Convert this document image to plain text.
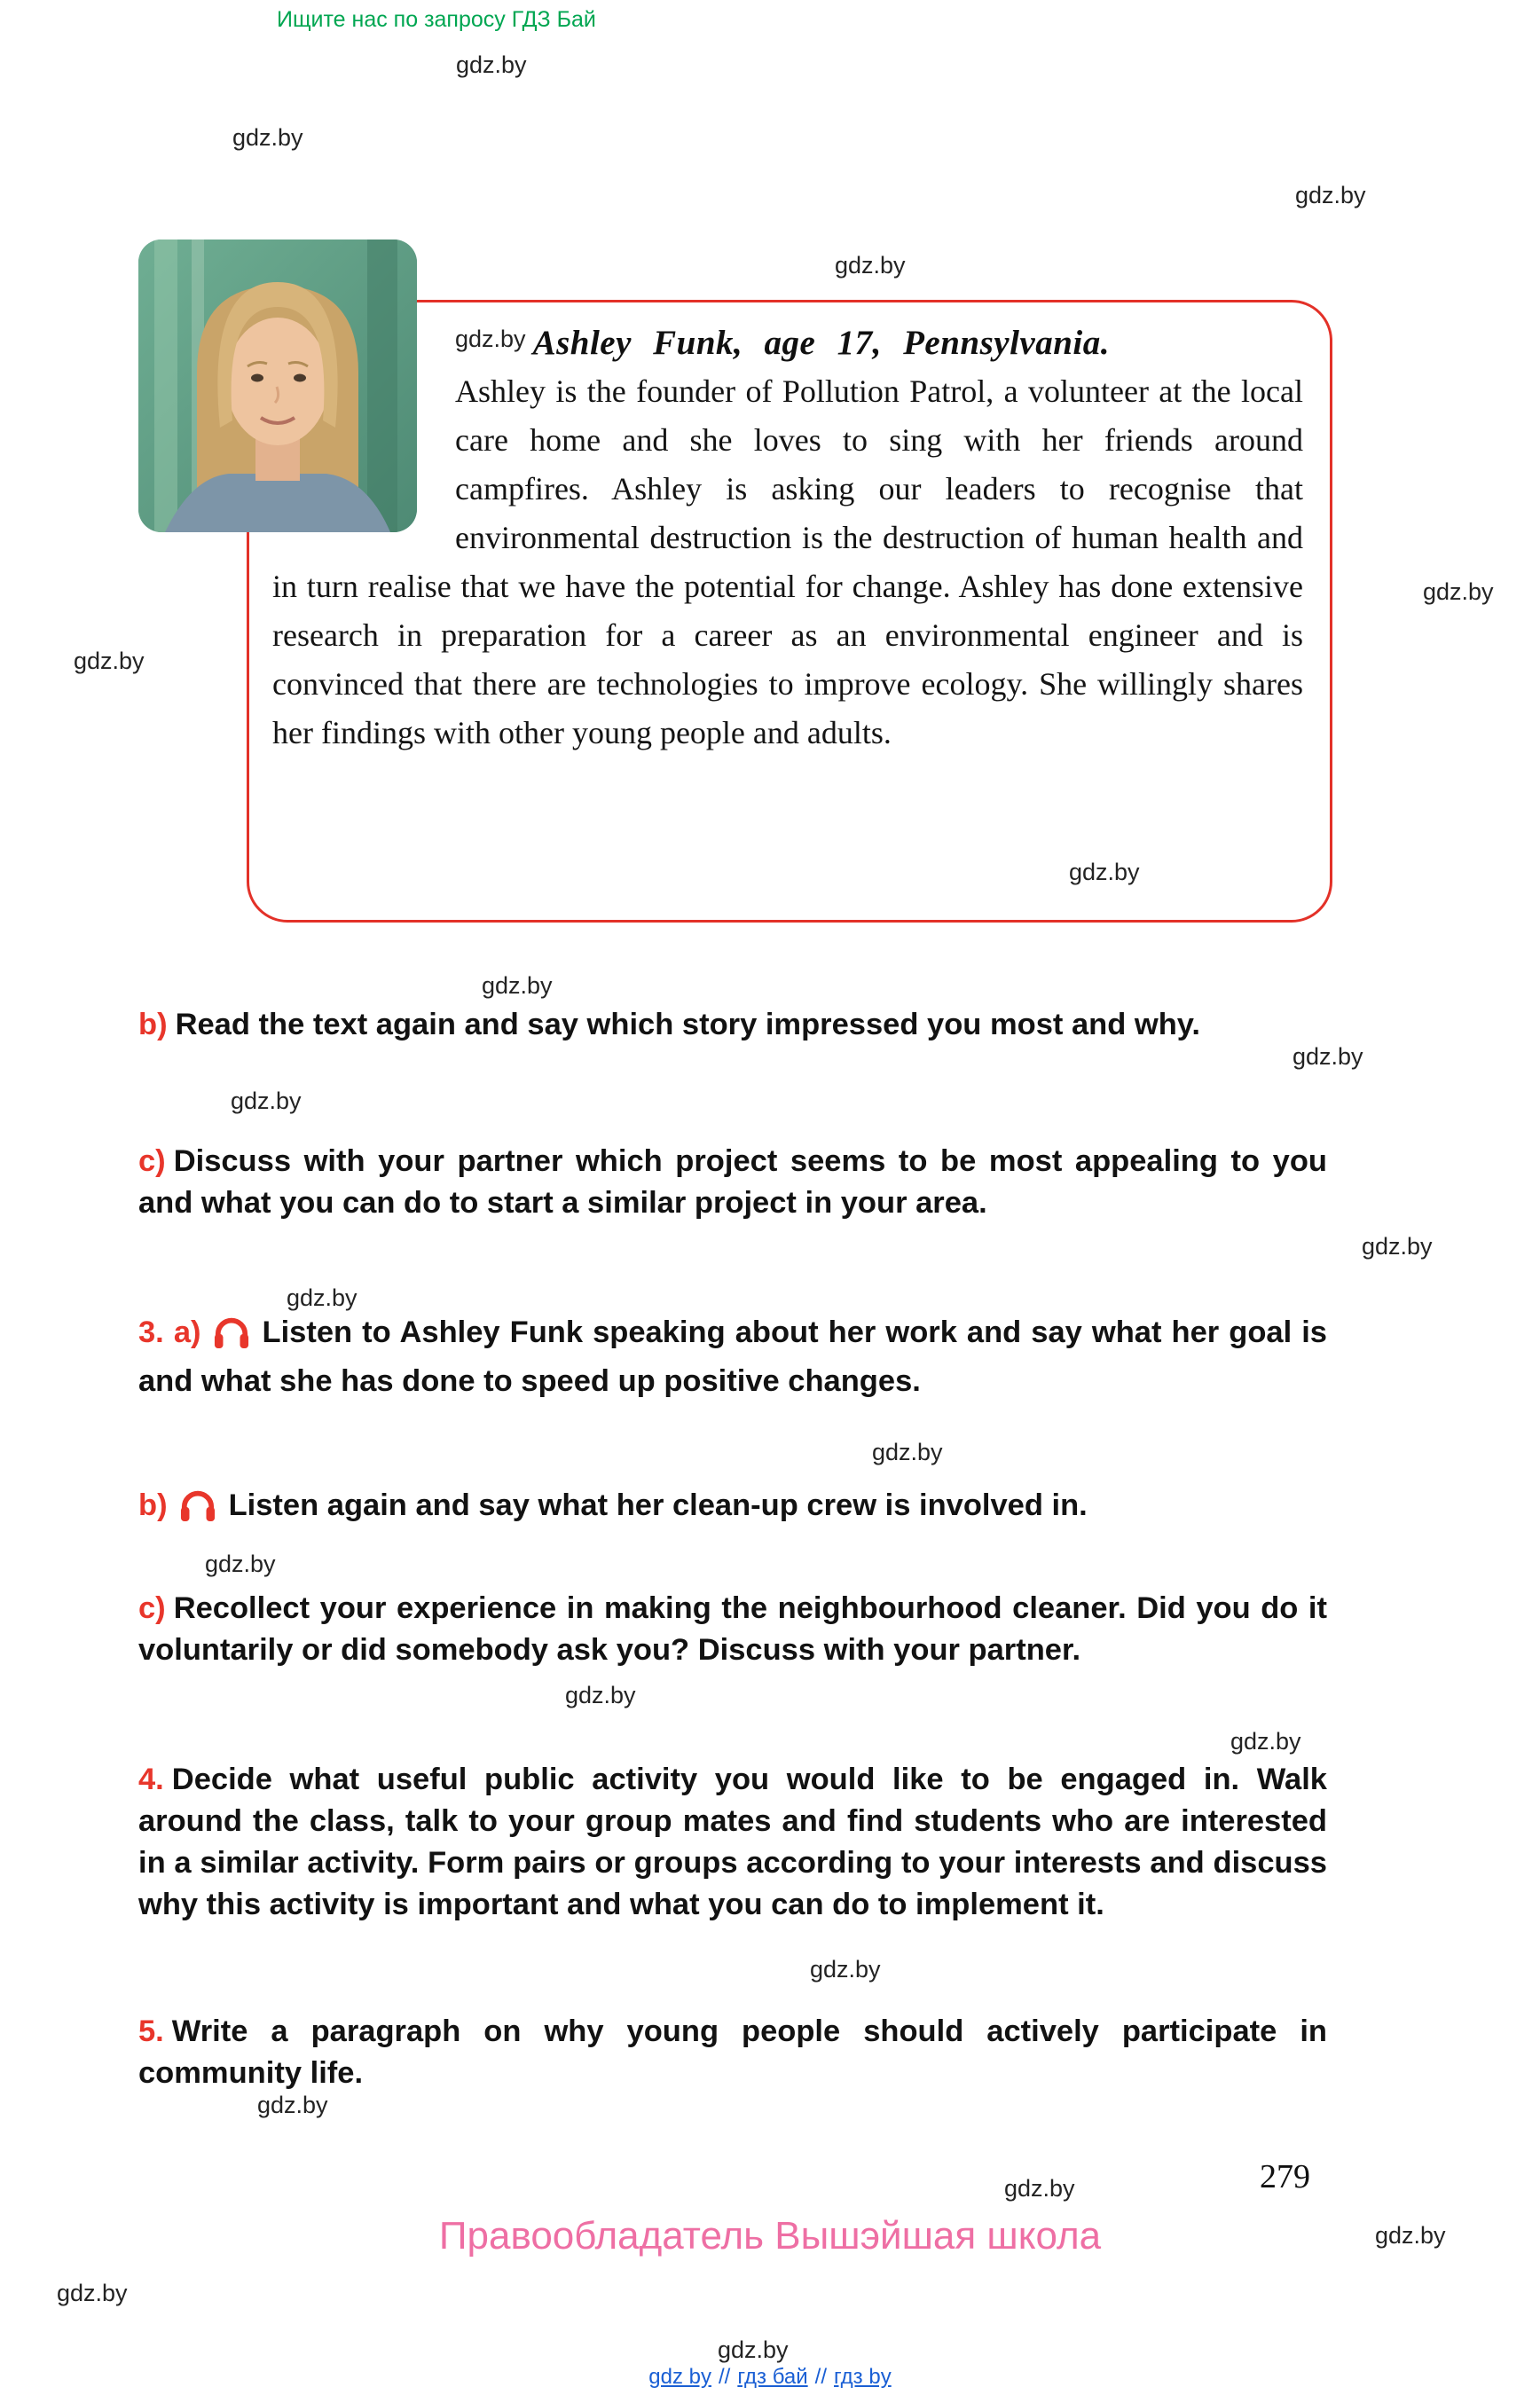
Ищите нас по запросу ГДЗ Бай
gdz.by
gdz.by
gdz.by
gdz.by
gdz.by
gdz.by
gdz.by
gdz.by
gdz.by
gdz.by
gdz.by
gdz.by
gdz.by
gdz.by
gdz.by
gdz.by
gdz.by
gdz.by
gdz.by
gdz.by
gdz.by
gdz.by
$^{gdz.by}$ Ashley Funk, age 17, Pennsylvania.
Ashley is the founder of Pollution Patrol, a volunteer at the local care home and she loves to sing with her friends around campfires. Ashley is asking our leaders to recognise that environmental destruction is the destruction of human health and in turn realise that we have the potential for change. Ashley has done extensive research in preparation for a career as an environmental engineer and is convinced that there are technologies to improve ecology. She willingly shares her findings with other young people and adults.
b) Read the text again and say which story impressed you most and why.
c) Discuss with your partner which project seems to be most appealing to you and what you can do to start a similar project in your area.
3. a) Listen to Ashley Funk speaking about her work and say what her goal is and what she has done to speed up positive changes.
b) Listen again and say what her clean-up crew is involved in.
c) Recollect your experience in making the neighbourhood cleaner. Did you do it voluntarily or did somebody ask you? Discuss with your partner.
4. Decide what useful public activity you would like to be engaged in. Walk around the class, talk to your group mates and find students who are interested in a similar activity. Form pairs or groups according to your interests and discuss why this activity is important and what you can do to implement it.
5. Write a paragraph on why young people should actively participate in community life.
279
Правообладатель Вышэйшая школа
gdz by // гдз бай // гдз by
